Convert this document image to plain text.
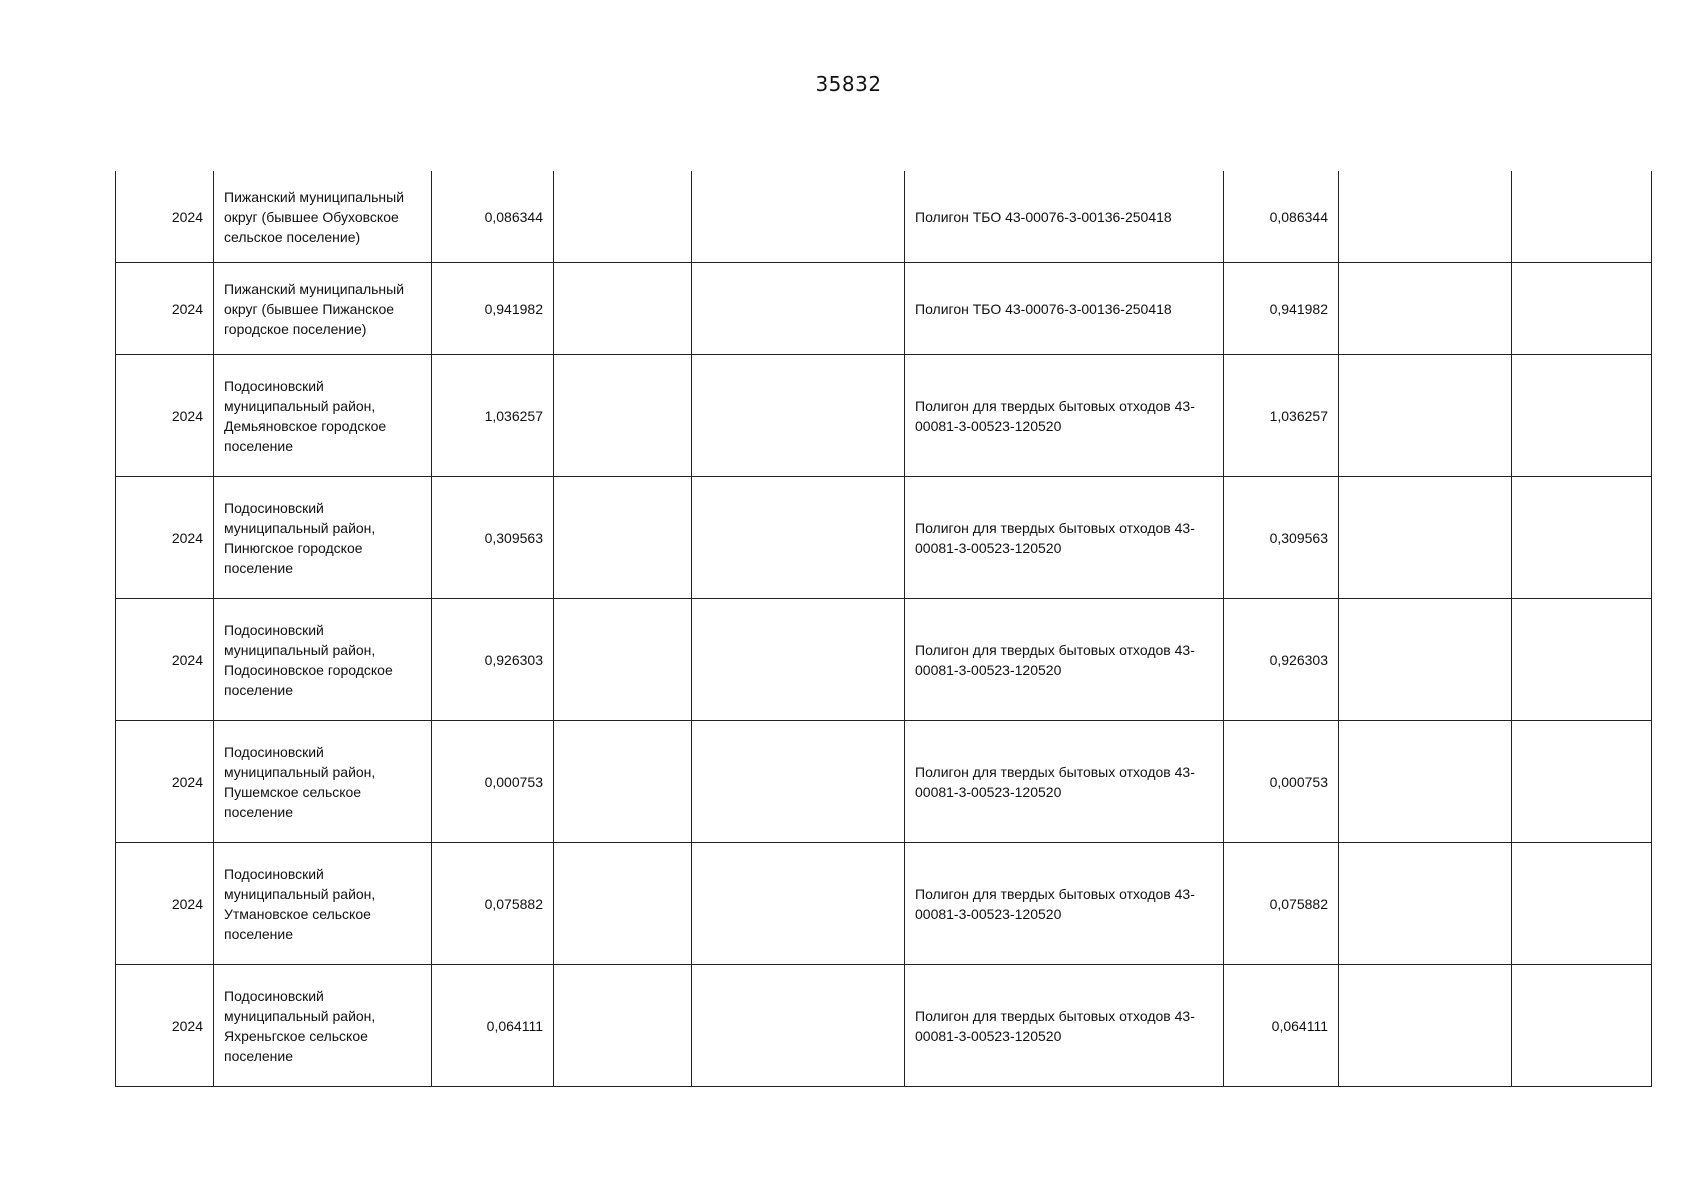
35832
2024	Пижанский муниципальный округ (бывшее Обуховское сельское поселение)	0,086344			Полигон ТБО 43-00076-3-00136-250418	0,086344		
2024	Пижанский муниципальный округ (бывшее Пижанское городское поселение)	0,941982			Полигон ТБО 43-00076-3-00136-250418	0,941982		
2024	Подосиновский муниципальный район, Демьяновское городское поселение	1,036257			Полигон для твердых бытовых отходов 43-00081-3-00523-120520	1,036257		
2024	Подосиновский муниципальный район, Пинюгское городское поселение	0,309563			Полигон для твердых бытовых отходов 43-00081-3-00523-120520	0,309563		
2024	Подосиновский муниципальный район, Подосиновское городское поселение	0,926303			Полигон для твердых бытовых отходов 43-00081-3-00523-120520	0,926303		
2024	Подосиновский муниципальный район, Пушемское сельское поселение	0,000753			Полигон для твердых бытовых отходов 43-00081-3-00523-120520	0,000753		
2024	Подосиновский муниципальный район, Утмановское сельское поселение	0,075882			Полигон для твердых бытовых отходов 43-00081-3-00523-120520	0,075882		
2024	Подосиновский муниципальный район, Яхреньгское сельское поселение	0,064111			Полигон для твердых бытовых отходов 43-00081-3-00523-120520	0,064111		
